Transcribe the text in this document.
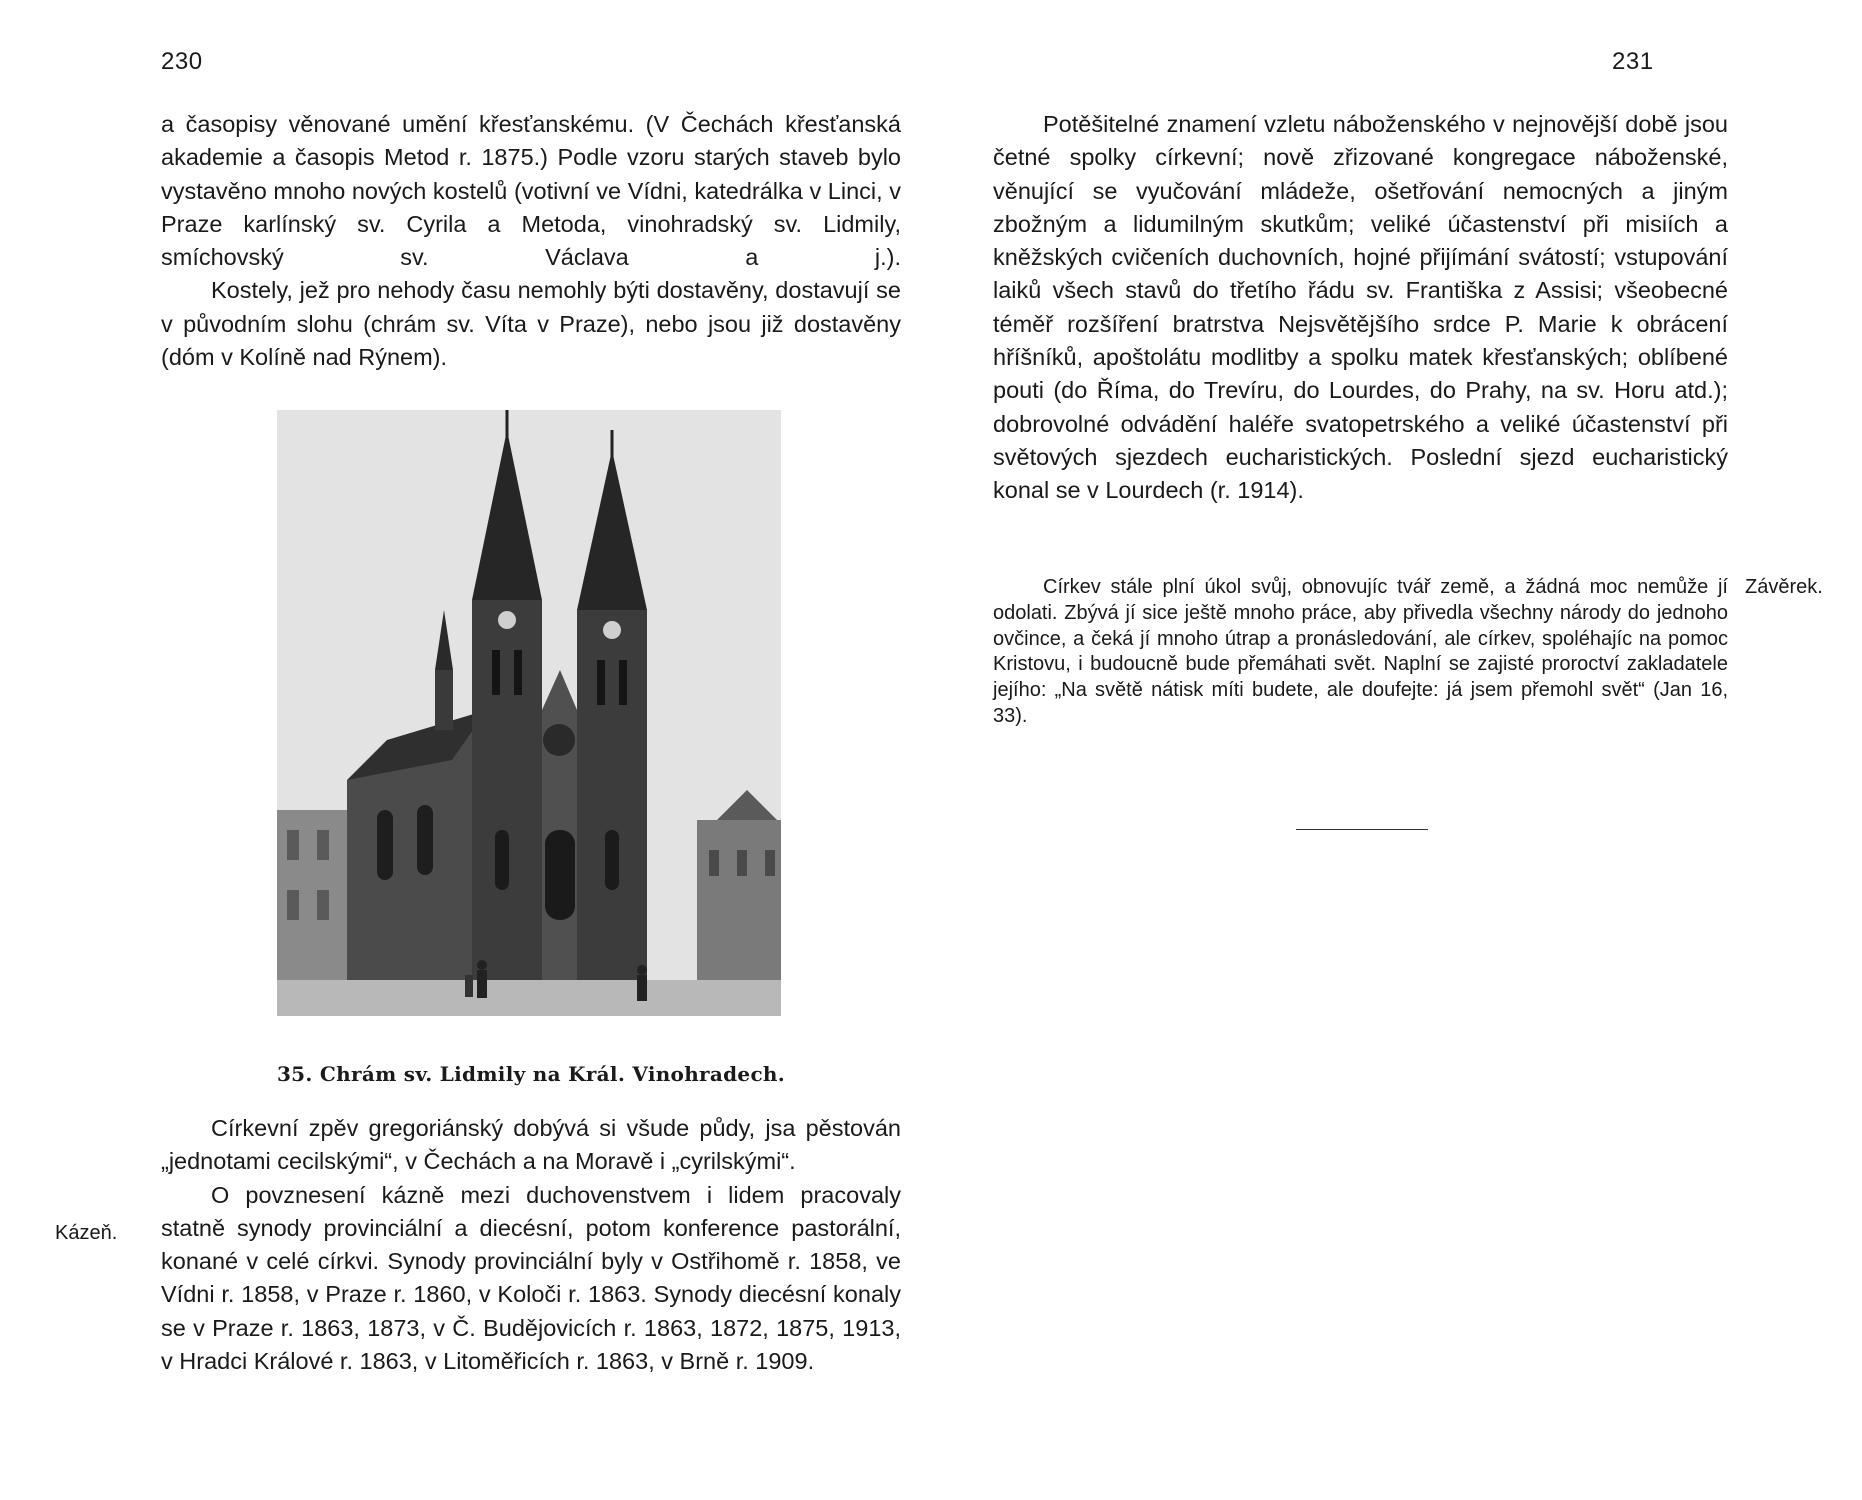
230

a časopisy věnované umění křesťanskému. (V Čechách křesťanská akademie a časopis Metod r. 1875.) Podle vzoru starých staveb bylo vystavěno mnoho nových kostelů (votivní ve Vídni, katedrálka v Linci, v Praze karlínský sv. Cyrila a Metoda, vinohradský sv. Lidmily, smíchovský sv. Václava a j.).

Kostely, jež pro nehody času nemohly býti dostavěny, dostavují se v původním slohu (chrám sv. Víta v Praze), nebo jsou již dostavěny (dóm v Kolíně nad Rýnem).

35. Chrám sv. Lidmily na Král. Vinohradech.
Kázeň.

Církevní zpěv gregoriánský dobývá si všude půdy, jsa pěstován „jednotami cecilskými“, v Čechách a na Moravě i „cyrilskými“.

O povznesení kázně mezi duchovenstvem i lidem pracovaly statně synody provinciální a diecésní, potom konference pastorální, konané v celé církvi. Synody provinciální byly v Ostřihomě r. 1858, ve Vídni r. 1858, v Praze r. 1860, v Koloči r. 1863. Synody diecésní konaly se v Praze r. 1863, 1873, v Č. Budějovicích r. 1863, 1872, 1875, 1913, v Hradci Králové r. 1863, v Litoměřicích r. 1863, v Brně r. 1909.

231

Potěšitelné znamení vzletu náboženského v nejnovější době jsou četné spolky církevní; nově zřizované kongregace náboženské, věnující se vyučování mládeže, ošetřování nemocných a jiným zbožným a lidumilným skutkům; veliké účastenství při misiích a kněžských cvičeních duchovních, hojné přijímání svátostí; vstupování laiků všech stavů do třetího řádu sv. Františka z Assisi; všeobecné téměř rozšíření bratrstva Nejsvětějšího srdce P. Marie k obrácení hříšníků, apoštolátu modlitby a spolku matek křesťanských; oblíbené pouti (do Říma, do Trevíru, do Lourdes, do Prahy, na sv. Horu atd.); dobrovolné odvádění haléře svatopetrského a veliké účastenství při světových sjezdech eucharistických. Poslední sjezd eucharistický konal se v Lourdech (r. 1914).

Církev stále plní úkol svůj, obnovujíc tvář země, a žádná moc nemůže jí odolati. Zbývá jí sice ještě mnoho práce, aby přivedla všechny národy do jednoho ovčince, a čeká jí mnoho útrap a pronásledování, ale církev, spoléhajíc na pomoc Kristovu, i budoucně bude přemáhati svět. Naplní se zajisté proroctví zakladatele jejího: „Na světě nátisk míti budete, ale doufejte: já jsem přemohl svět“ (Jan 16, 33).

Závěrek.
